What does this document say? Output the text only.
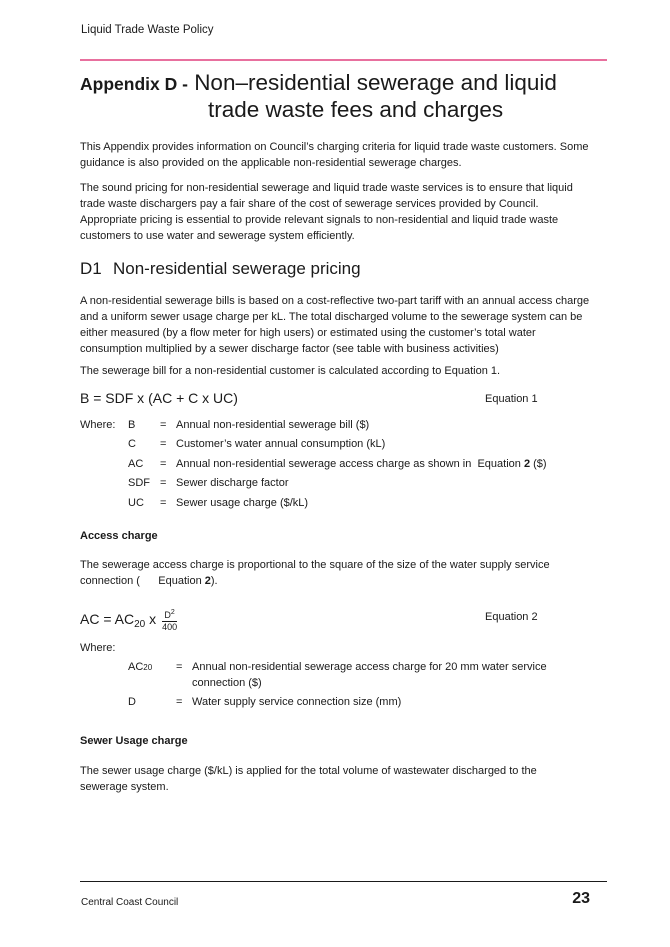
Liquid Trade Waste Policy
Appendix D - Non–residential sewerage and liquid
trade waste fees and charges
This Appendix provides information on Council’s charging criteria for liquid trade waste customers. Some guidance is also provided on the applicable non-residential sewerage charges.
The sound pricing for non-residential sewerage and liquid trade waste services is to ensure that liquid trade waste dischargers pay a fair share of the cost of sewerage services provided by Council. Appropriate pricing is essential to provide relevant signals to non-residential and liquid trade waste customers to use water and sewerage system efficiently.
D1 Non-residential sewerage pricing
A non-residential sewerage bills is based on a cost-reflective two-part tariff with an annual access charge and a uniform sewer usage charge per kL. The total discharged volume to the sewerage system can be either measured (by a flow meter for high users) or estimated using the customer’s total water consumption multiplied by a sewer discharge factor (see table with business activities)
The sewerage bill for a non-residential customer is calculated according to Equation 1.
B = SDF x (AC + C x UC)	Equation 1
Where:	B	= Annual non-residential sewerage bill ($)
C	= Customer’s water annual consumption (kL)
AC	= Annual non-residential sewerage access charge as shown in Equation 2 ($)
SDF = Sewer discharge factor
UC	= Sewer usage charge ($/kL)
Access charge
The sewerage access charge is proportional to the square of the size of the water supply service connection ( Equation 2).
AC = $AC_{20}$ x $\frac{D^2}{400}$	Equation 2
Where:
AC20	= Annual non-residential sewerage access charge for 20 mm water service connection ($)
D	= Water supply service connection size (mm)
Sewer Usage charge
The sewer usage charge ($/kL) is applied for the total volume of wastewater discharged to the sewerage system.
Central Coast Council	23
